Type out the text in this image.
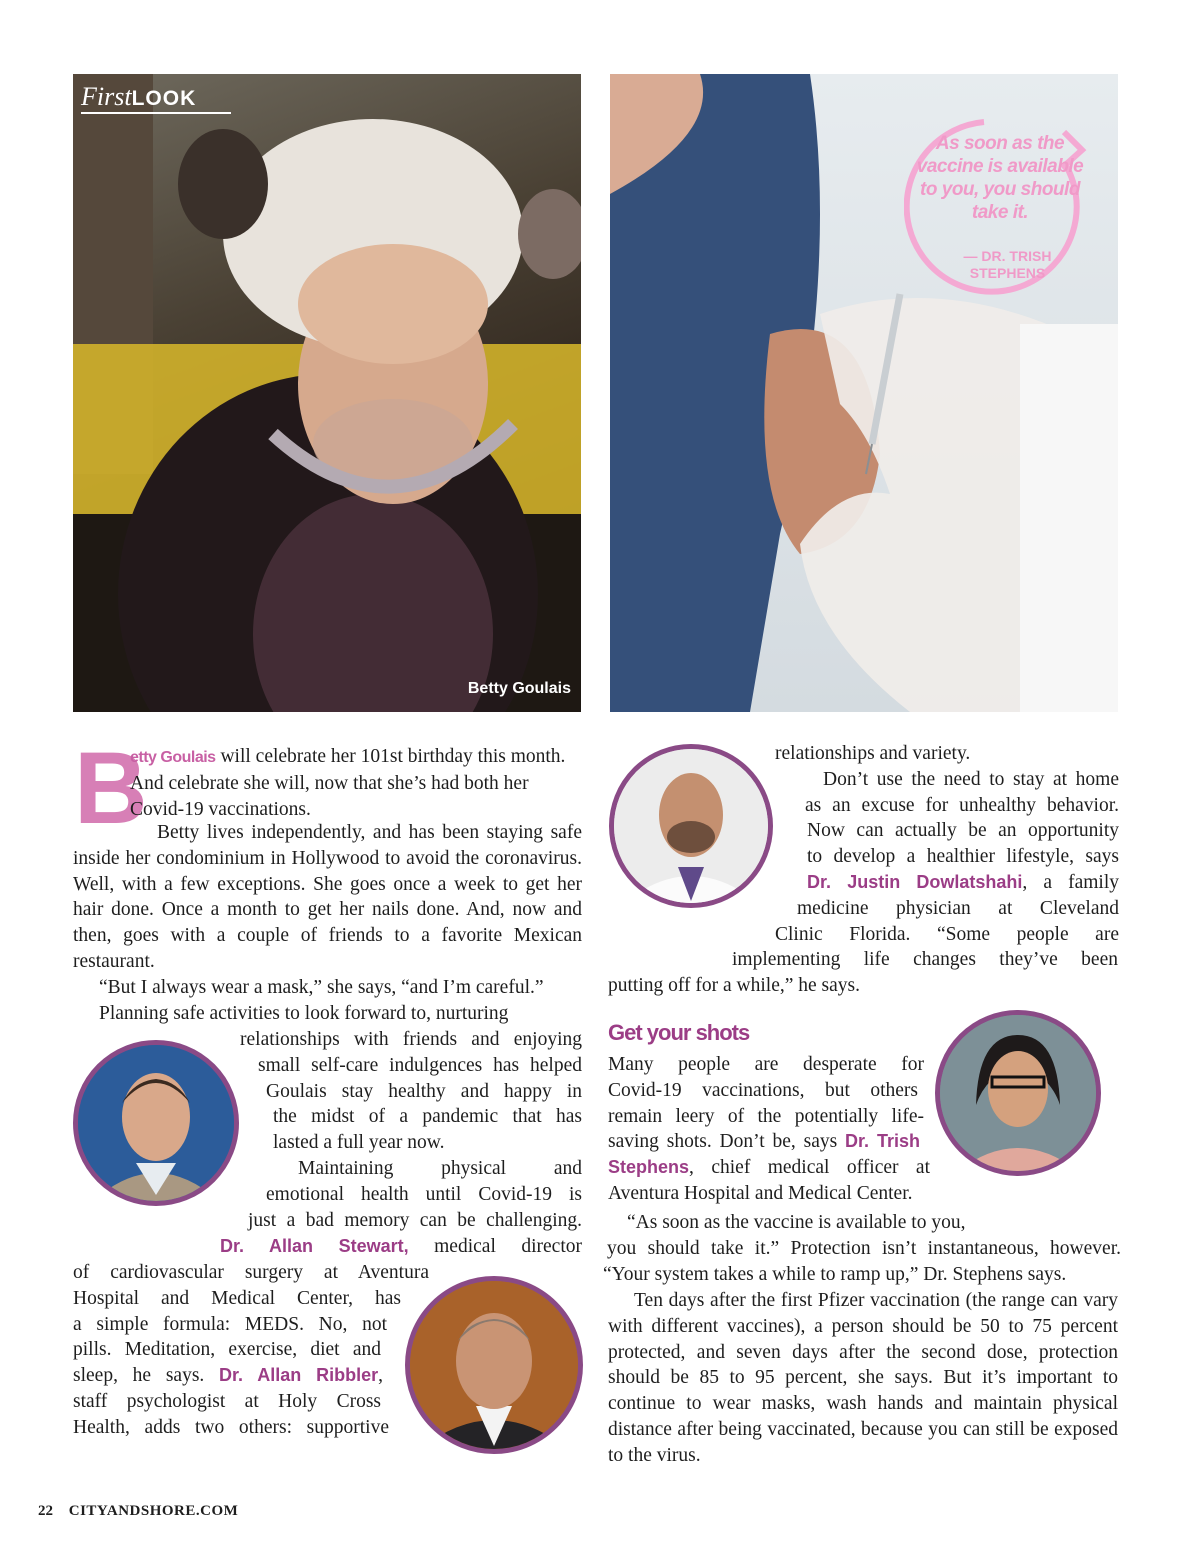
FirstLOOK
Betty Goulais
As soon as the vaccine is available to you, you should take it.
— DR. TRISH
STEPHENS
B
etty Goulais will celebrate her 101st birthday this month.
And celebrate she will, now that she’s had both her
Covid-19 vaccinations.

Betty lives independently, and has been staying safe inside her condominium in Hollywood to avoid the coronavirus. Well, with a few exceptions. She goes once a week to get her hair done. Once a month to get her nails done. And, now and then, goes with a couple of friends to a favorite Mexican restaurant.

“But I always wear a mask,” she says, “and I’m careful.”

Planning safe activities to look forward to, nurturing

relationships with friends and enjoying
small self-care indulgences has helped
Goulais stay healthy and happy in
the midst of a pandemic that has
lasted a full year now.
Maintaining physical and
emotional health until Covid-19 is
just a bad memory can be challenging.
Dr. Allan Stewart, medical director
of cardiovascular surgery at Aventura
Hospital and Medical Center, has
a simple formula: MEDS. No, not
pills. Meditation, exercise, diet and
sleep, he says. Dr. Allan Ribbler,
staff psychologist at Holy Cross
Health, adds two others: supportive
relationships and variety.
Don’t use the need to stay at home
as an excuse for unhealthy behavior.
Now can actually be an opportunity
to develop a healthier lifestyle, says
Dr. Justin Dowlatshahi, a family
medicine physician at Cleveland
Clinic Florida. “Some people are
implementing life changes they’ve been
putting off for a while,” he says.
Get your shots
Many people are desperate for
Covid-19 vaccinations, but others
remain leery of the potentially life-
saving shots. Don’t be, says Dr. Trish
Stephens, chief medical officer at
Aventura Hospital and Medical Center.
“As soon as the vaccine is available to you,
you should take it.” Protection isn’t instantaneous, however.
“Your system takes a while to ramp up,” Dr. Stephens says.

Ten days after the first Pfizer vaccination (the range can vary with different vaccines), a person should be 50 to 75 percent protected, and seven days after the second dose, protection should be 85 to 95 percent, she says. But it’s important to continue to wear masks, wash hands and maintain physical distance after being vaccinated, because you can still be exposed to the virus.

22 CITYANDSHORE.COM
